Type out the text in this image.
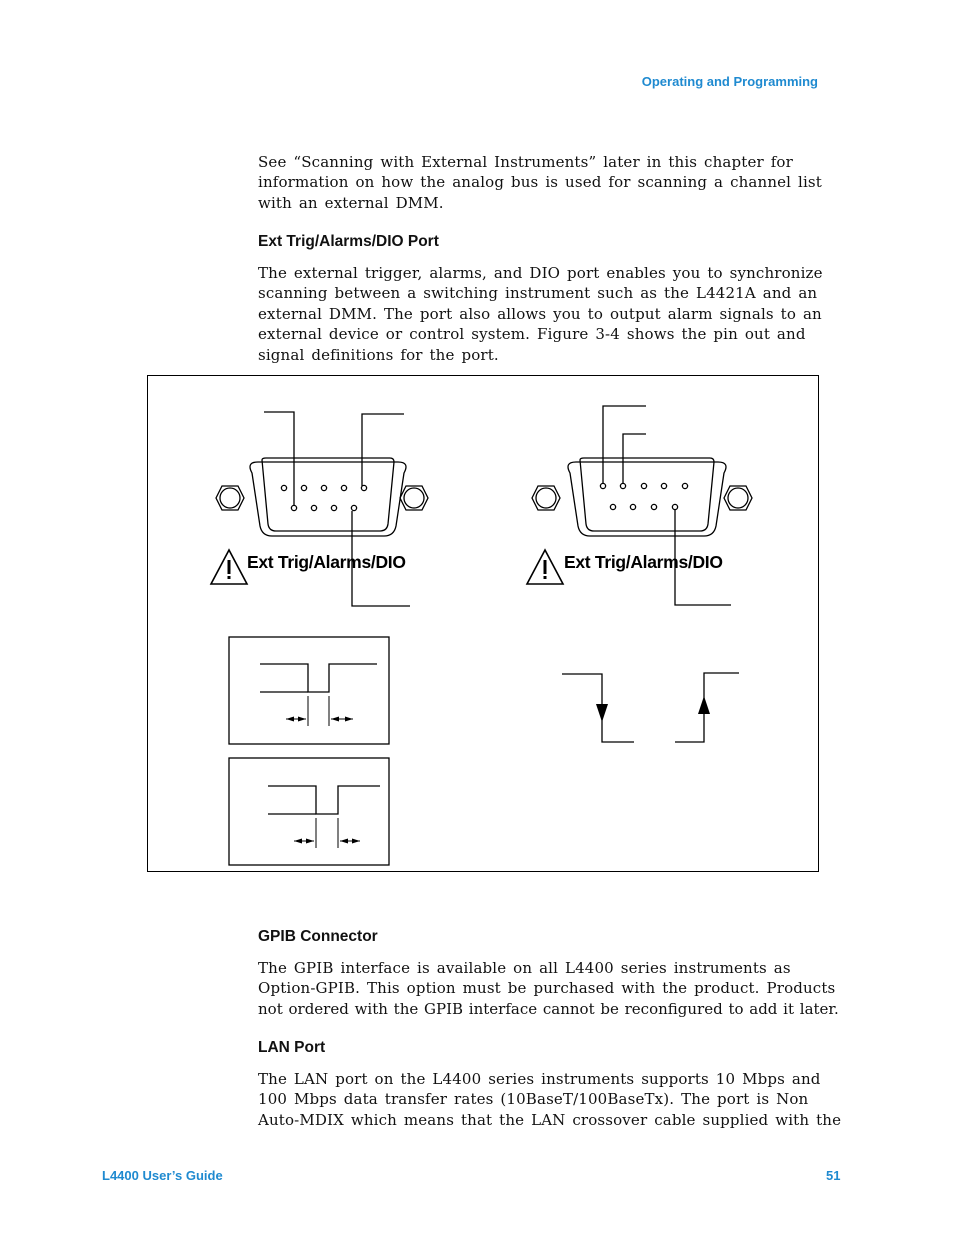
Operating and Programming
See “Scanning with External Instruments” later in this chapter for
information on how the analog bus is used for scanning a channel list
with an external DMM.
Ext Trig/Alarms/DIO Port
The external trigger, alarms, and DIO port enables you to synchronize
scanning between a switching instrument such as the L4421A and an
external DMM. The port also allows you to output alarm signals to an
external device or control system. Figure 3-4 shows the pin out and
signal definitions for the port.
Ext Trig/Alarms/DIO	Ext Trig/Alarms/DIO
GPIB Connector
The GPIB interface is available on all L4400 series instruments as
Option-GPIB. This option must be purchased with the product. Products
not ordered with the GPIB interface cannot be reconfigured to add it later.
LAN Port
The LAN port on the L4400 series instruments supports 10 Mbps and
100 Mbps data transfer rates (10BaseT/100BaseTx). The port is Non
Auto-MDIX which means that the LAN crossover cable supplied with the
L4400 User’s Guide	51
